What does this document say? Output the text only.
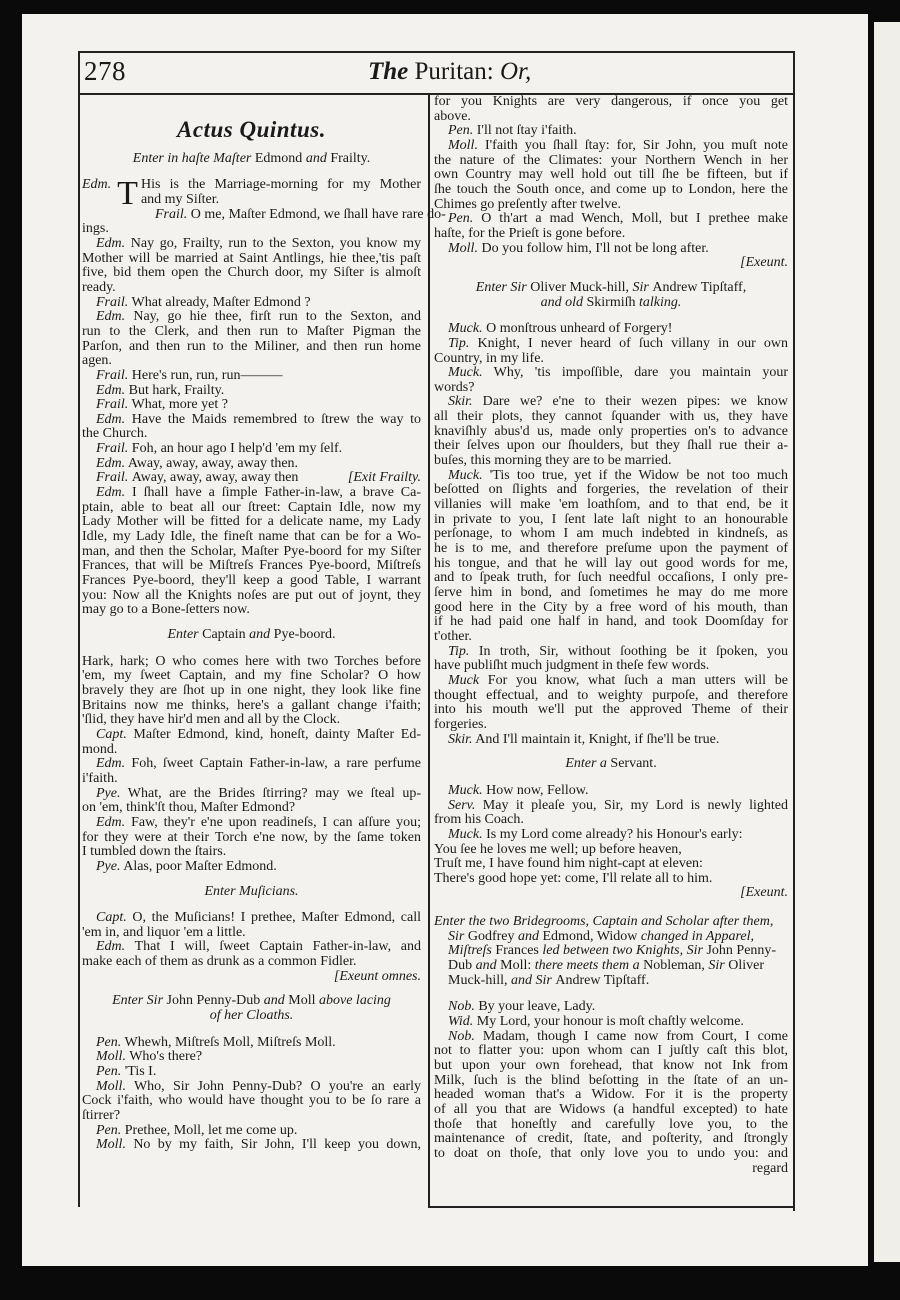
278	The Puritan: Or,
Actus Quintus.
Enter in haſte Maſter Edmond and Frailty.
Edm. T His is the Marriage-morning for my Mother
and my Siſter.
Frail. O me, Maſter Edmond, we ſhall have rare do-
ings.
Edm. Nay go, Frailty, run to the Sexton, you know my
Mother will be married at Saint Antlings, hie thee,'tis paſt
five, bid them open the Church door, my Siſter is almoſt
ready.
Frail. What already, Maſter Edmond ?
Edm. Nay, go hie thee, firſt run to the Sexton, and
run to the Clerk, and then run to Maſter Pigman the
Parſon, and then run to the Miliner, and then run home
agen.
Frail. Here's run, run, run———
Edm. But hark, Frailty.
Frail. What, more yet ?
Edm. Have the Maids remembred to ſtrew the way to
the Church.
Frail. Foh, an hour ago I help'd 'em my ſelf.
Edm. Away, away, away, away then.
Frail.	[Exit Frailty.
Away, away, away, away then
Edm. I ſhall have a ſimple Father-in-law, a brave Ca-
ptain, able to beat all our ſtreet: Captain Idle, now my
Lady Mother will be fitted for a delicate name, my Lady
Idle, my Lady Idle, the fineſt name that can be for a Wo-
man, and then the Scholar, Maſter Pye-boord for my Siſter
Frances, that will be Miſtreſs Frances Pye-boord, Miſtreſs
Frances Pye-boord, they'll keep a good Table, I warrant
you: Now all the Knights noſes are put out of joynt, they
may go to a Bone-ſetters now.
Enter Captain and Pye-boord.
Hark, hark; O who comes here with two Torches before
'em, my ſweet Captain, and my fine Scholar? O how
bravely they are ſhot up in one night, they look like fine
Britains now me thinks, here's a gallant change i'faith;
'ſlid, they have hir'd men and all by the Clock.
Capt. Maſter Edmond, kind, honeſt, dainty Maſter Ed-
mond.
Edm. Foh, ſweet Captain Father-in-law, a rare perfume
i'faith.
Pye. What, are the Brides ſtirring? may we ſteal up-
on 'em, think'ſt thou, Maſter Edmond?
Edm. Faw, they'r e'ne upon readineſs, I can aſſure you;
for they were at their Torch e'ne now, by the ſame token
I tumbled down the ſtairs.
Pye. Alas, poor Maſter Edmond.
Enter Muſicians.
Capt. O, the Muſicians! I prethee, Maſter Edmond, call
'em in, and liquor 'em a little.
Edm. That I will, ſweet Captain Father-in-law, and
make each of them as drunk as a common Fidler.
[Exeunt omnes.
Enter Sir John Penny-Dub and Moll above lacing
of her Cloaths.
Pen. Whewh, Miſtreſs Moll, Miſtreſs Moll.
Moll. Who's there?
Pen. 'Tis I.
Moll. Who, Sir John Penny-Dub? O you're an early
Cock i'faith, who would have thought you to be ſo rare a
ſtirrer?
Pen. Prethee, Moll, let me come up.
Moll. No by my faith, Sir John, I'll keep you down,
for you Knights are very dangerous, if once you get
above.
Pen. I'll not ſtay i'faith.
Moll. I'faith you ſhall ſtay: for, Sir John, you muſt note
the nature of the Climates: your Northern Wench in her
own Country may well hold out till ſhe be fifteen, but if
ſhe touch the South once, and come up to London, here the
Chimes go preſently after twelve.
Pen. O th'art a mad Wench, Moll, but I prethee make
haſte, for the Prieſt is gone before.
Moll. Do you follow him, I'll not be long after.
[Exeunt.
Enter Sir Oliver Muck-hill, Sir Andrew Tipſtaff,
and old Skirmiſh talking.
Muck. O monſtrous unheard of Forgery!
Tip. Knight, I never heard of ſuch villany in our own
Country, in my life.
Muck. Why, 'tis impoſſible, dare you maintain your
words?
Skir. Dare we? e'ne to their wezen pipes: we know
all their plots, they cannot ſquander with us, they have
knaviſhly abus'd us, made only properties on's to advance
their ſelves upon our ſhoulders, but they ſhall rue their a-
buſes, this morning they are to be married.
Muck. 'Tis too true, yet if the Widow be not too much
beſotted on ſlights and forgeries, the revelation of their
villanies will make 'em loathſom, and to that end, be it
in private to you, I ſent late laſt night to an honourable
perſonage, to whom I am much indebted in kindneſs, as
he is to me, and therefore preſume upon the payment of
his tongue, and that he will lay out good words for me,
and to ſpeak truth, for ſuch needful occaſions, I only pre-
ſerve him in bond, and ſometimes he may do me more
good here in the City by a free word of his mouth, than
if he had paid one half in hand, and took Doomſday for
t'other.
Tip. In troth, Sir, without ſoothing be it ſpoken, you
have publiſht much judgment in theſe few words.
Muck For you know, what ſuch a man utters will be
thought effectual, and to weighty purpoſe, and therefore
into his mouth we'll put the approved Theme of their
forgeries.
Skir. And I'll maintain it, Knight, if ſhe'll be true.
Enter a Servant.
Muck. How now, Fellow.
Serv. May it pleaſe you, Sir, my Lord is newly lighted
from his Coach.
Muck. Is my Lord come already? his Honour's early:
You ſee he loves me well; up before heaven,
Truſt me, I have found him night-capt at eleven:
There's good hope yet: come, I'll relate all to him.
[Exeunt.
Enter the two Bridegrooms, Captain and Scholar after them, Sir Godfrey and Edmond, Widow changed in Apparel, Miſtreſs Frances led between two Knights, Sir John Penny-Dub and Moll: there meets them a Nobleman, Sir Oliver Muck-hill, and Sir Andrew Tipſtaff.
Nob. By your leave, Lady.
Wid. My Lord, your honour is moſt chaſtly welcome.
Nob. Madam, though I came now from Court, I come
not to flatter you: upon whom can I juſtly caſt this blot,
but upon your own forehead, that know not Ink from
Milk, ſuch is the blind beſotting in the ſtate of an un-
headed woman that's a Widow. For it is the property
of all you that are Widows (a handful excepted) to hate
thoſe that honeſtly and carefully love you, to the
maintenance of credit, ſtate, and poſterity, and ſtrongly
to doat on thoſe, that only love you to undo you: and
regard
